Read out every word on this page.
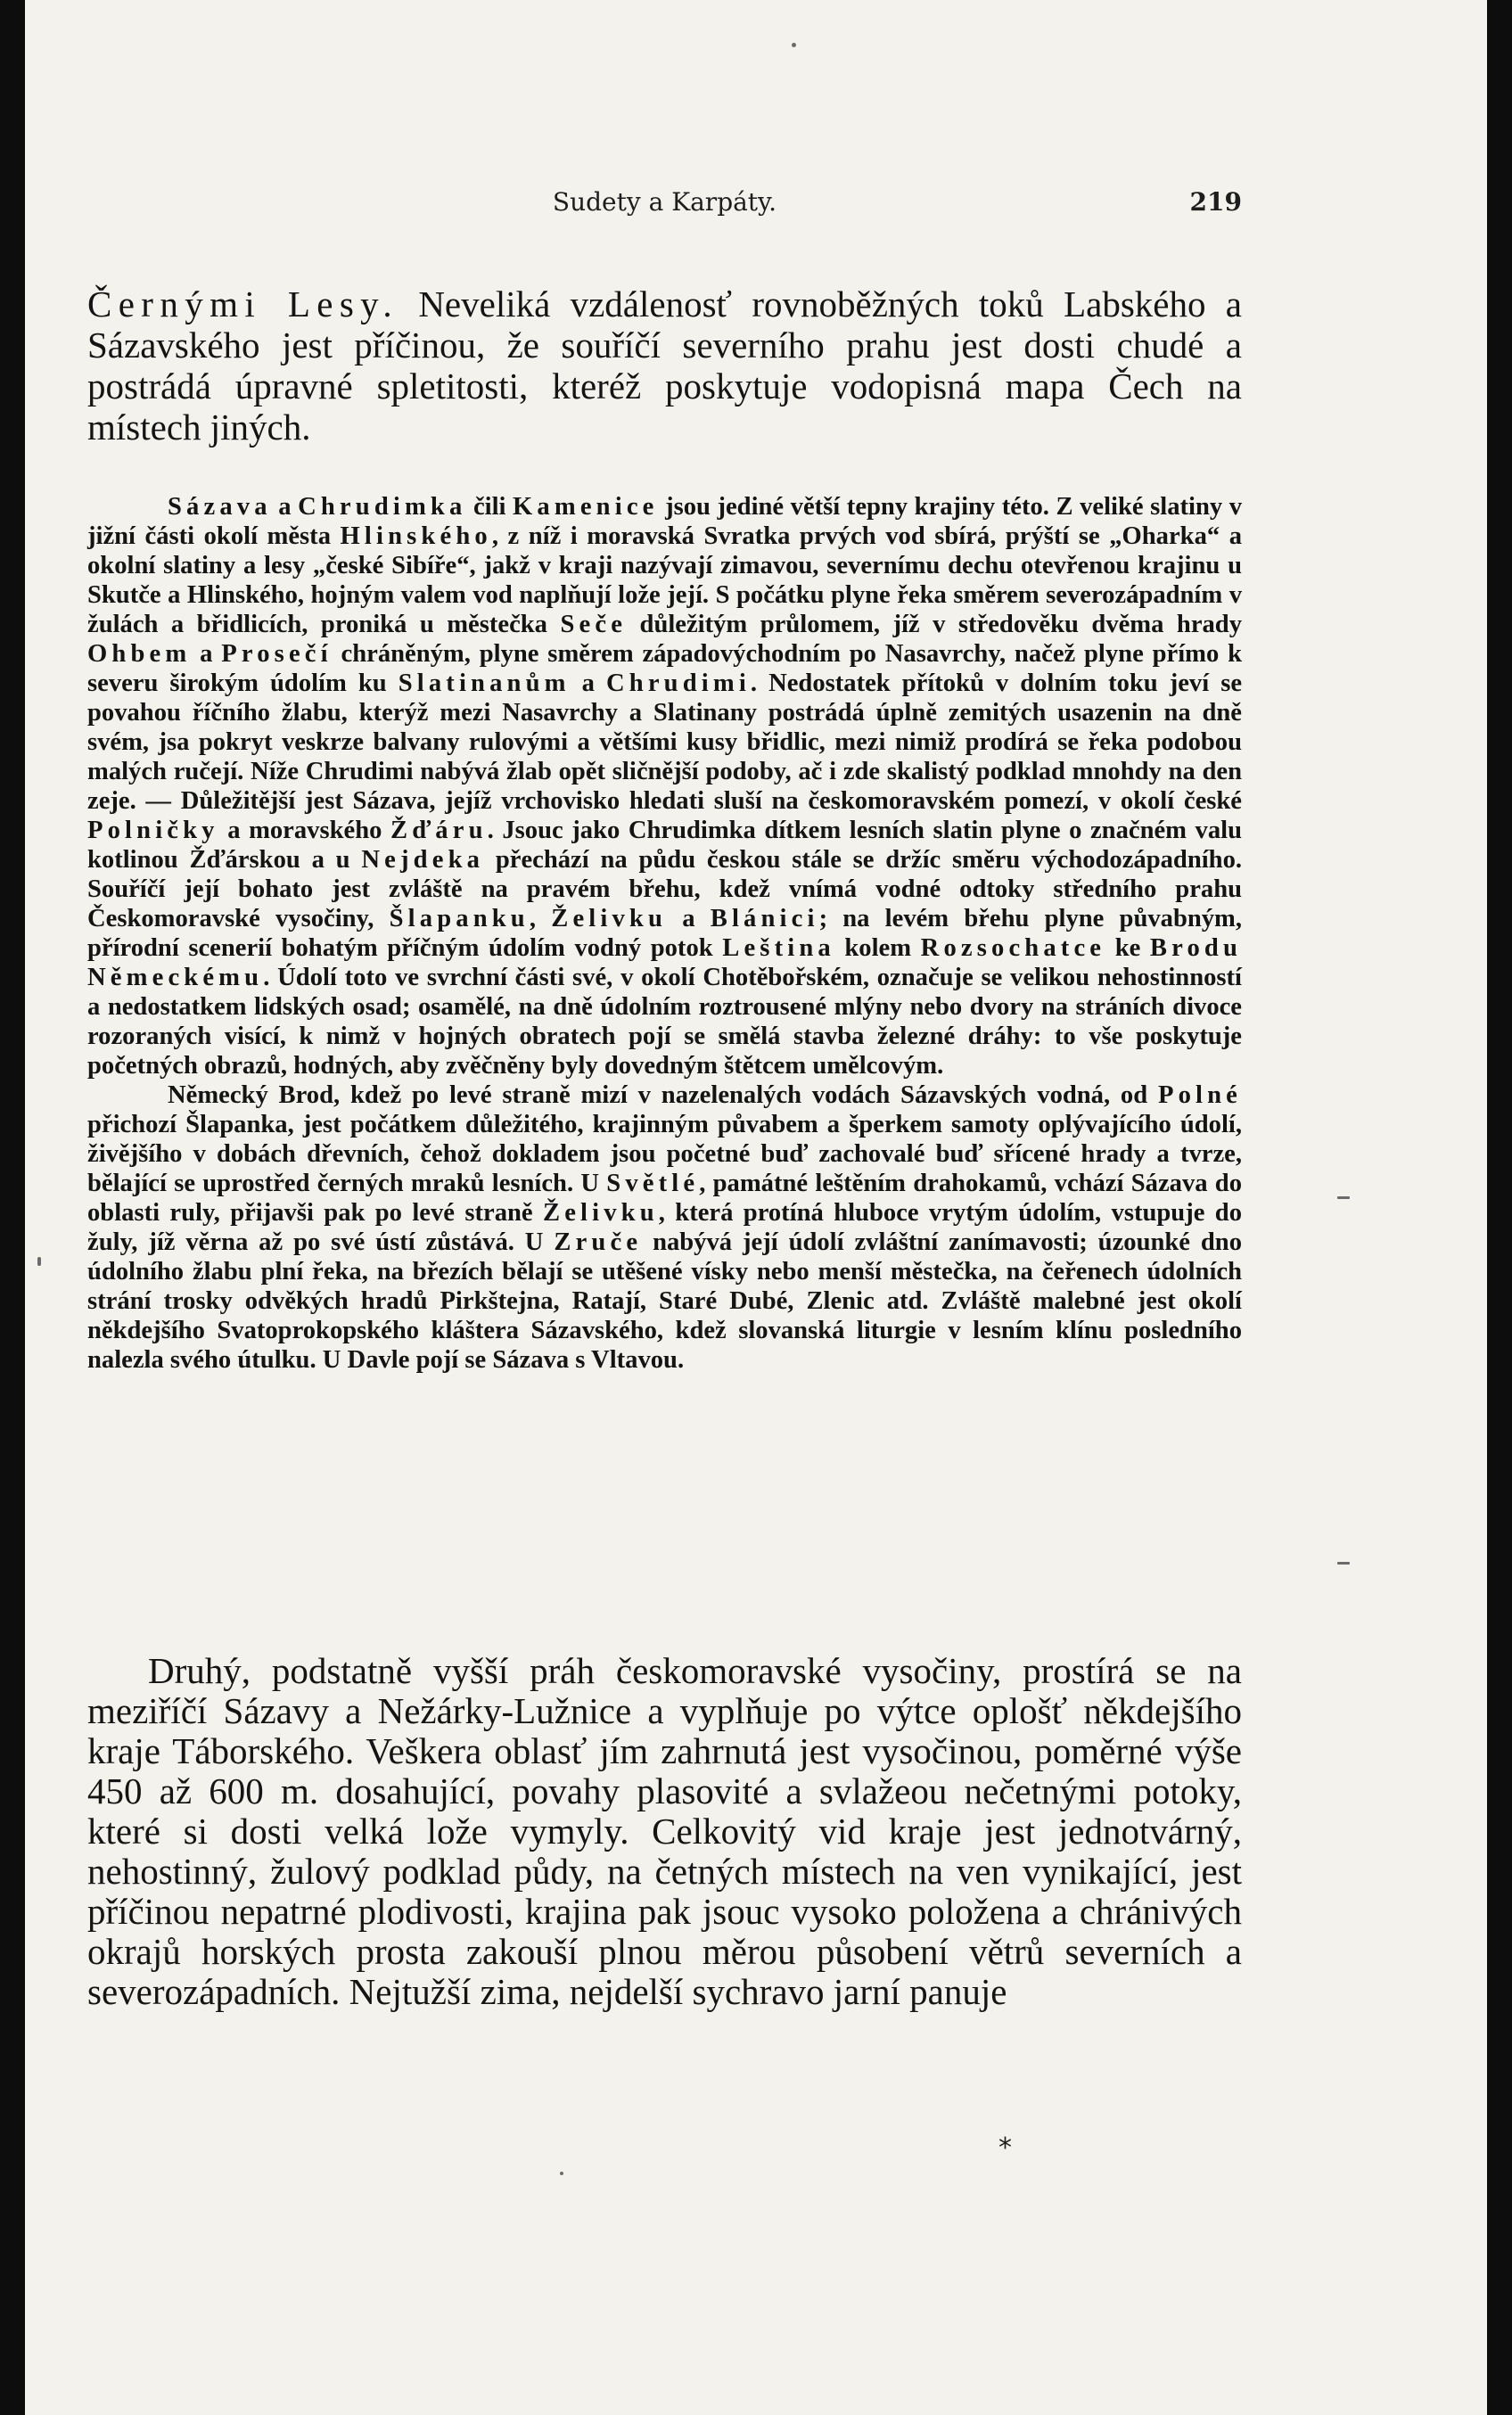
Sudety a Karpáty.	219

Černými Lesy. Neveliká vzdálenosť rovnoběžných toků Labského a Sázavského jest příčinou, že souříčí severního prahu jest dosti chudé a postrádá úpravné spletitosti, kteréž poskytuje vodopisná mapa Čech na místech jiných.

Sázava a Chrudimka čili Kamenice jsou jediné větší tepny krajiny této. Z veliké slatiny v jižní části okolí města Hlinského, z níž i moravská Svratka prvých vod sbírá, prýští se „Oharka“ a okolní slatiny a lesy „české Sibíře“, jakž v kraji nazývají zimavou, severnímu dechu otevřenou krajinu u Skutče a Hlinského, hojným valem vod naplňují lože její. S počátku plyne řeka směrem severozápadním v žulách a břidlicích, proniká u městečka Seče důležitým průlomem, jíž v středověku dvěma hrady Ohbem a Prosečí chráněným, plyne směrem západovýchodním po Nasavrchy, načež plyne přímo k severu širokým údolím ku Slatinanům a Chrudimi. Nedostatek přítoků v dolním toku jeví se povahou říčního žlabu, kterýž mezi Nasavrchy a Slatinany postrádá úplně zemitých usazenin na dně svém, jsa pokryt veskrze balvany rulovými a většími kusy břidlic, mezi nimiž prodírá se řeka podobou malých ručejí. Níže Chrudimi nabývá žlab opět sličnější podoby, ač i zde skalistý podklad mnohdy na den zeje. — Důležitější jest Sázava, jejíž vrchovisko hledati sluší na českomoravském pomezí, v okolí české Polničky a moravského Žďáru. Jsouc jako Chrudimka dítkem lesních slatin plyne o značném valu kotlinou Žďárskou a u Nejdeka přechází na půdu českou stále se držíc směru východozápadního. Souříčí její bohato jest zvláště na pravém břehu, kdež vnímá vodné odtoky středního prahu Českomoravské vysočiny, Šlapanku, Želivku a Blánici; na levém břehu plyne půvabným, přírodní scenerií bohatým příčným údolím vodný potok Leština kolem Rozsochatce ke Brodu Německému. Údolí toto ve svrchní části své, v okolí Chotěbořském, označuje se velikou nehostinností a nedostatkem lidských osad; osamělé, na dně údolním roztrousené mlýny nebo dvory na stráních divoce rozoraných visící, k nimž v hojných obratech pojí se smělá stavba železné dráhy: to vše poskytuje početných obrazů, hodných, aby zvěčněny byly dovedným štětcem umělcovým.
Německý Brod, kdež po levé straně mizí v nazelenalých vodách Sázavských vodná, od Polné přichozí Šlapanka, jest počátkem důležitého, krajinným půvabem a šperkem samoty oplývajícího údolí, živějšího v dobách dřevních, čehož dokladem jsou početné buď zachovalé buď sřícené hrady a tvrze, bělající se uprostřed černých mraků lesních. U Světlé, památné leštěním drahokamů, vchází Sázava do oblasti ruly, přijavši pak po levé straně Želivku, která protíná hluboce vrytým údolím, vstupuje do žuly, jíž věrna až po své ústí zůstává. U Zruče nabývá její údolí zvláštní zanímavosti; úzounké dno údolního žlabu plní řeka, na březích bělají se utěšené vísky nebo menší městečka, na čeřenech údolních strání trosky odvěkých hradů Pirkštejna, Ratají, Staré Dubé, Zlenic atd. Zvláště malebné jest okolí někdejšího Svatoprokopského kláštera Sázavského, kdež slovanská liturgie v lesním klínu posledního nalezla svého útulku. U Davle pojí se Sázava s Vltavou.

Druhý, podstatně vyšší práh českomoravské vysočiny, prostírá se na meziříčí Sázavy a Nežárky-Lužnice a vyplňuje po výtce oplošť někdejšího kraje Táborského. Veškera oblasť jím zahrnutá jest vysočinou, poměrné výše 450 až 600 m. dosahující, povahy plasovité a svlažeou nečetnými potoky, které si dosti velká lože vymyly. Celkovitý vid kraje jest jednotvárný, nehostinný, žulový podklad půdy, na četných místech na ven vynikající, jest příčinou nepatrné plodivosti, krajina pak jsouc vysoko položena a chránivých okrajů horských prosta zakouší plnou měrou působení větrů severních a severozápadních. Nejtužší zima, nejdelší sychravo jarní panuje

*
